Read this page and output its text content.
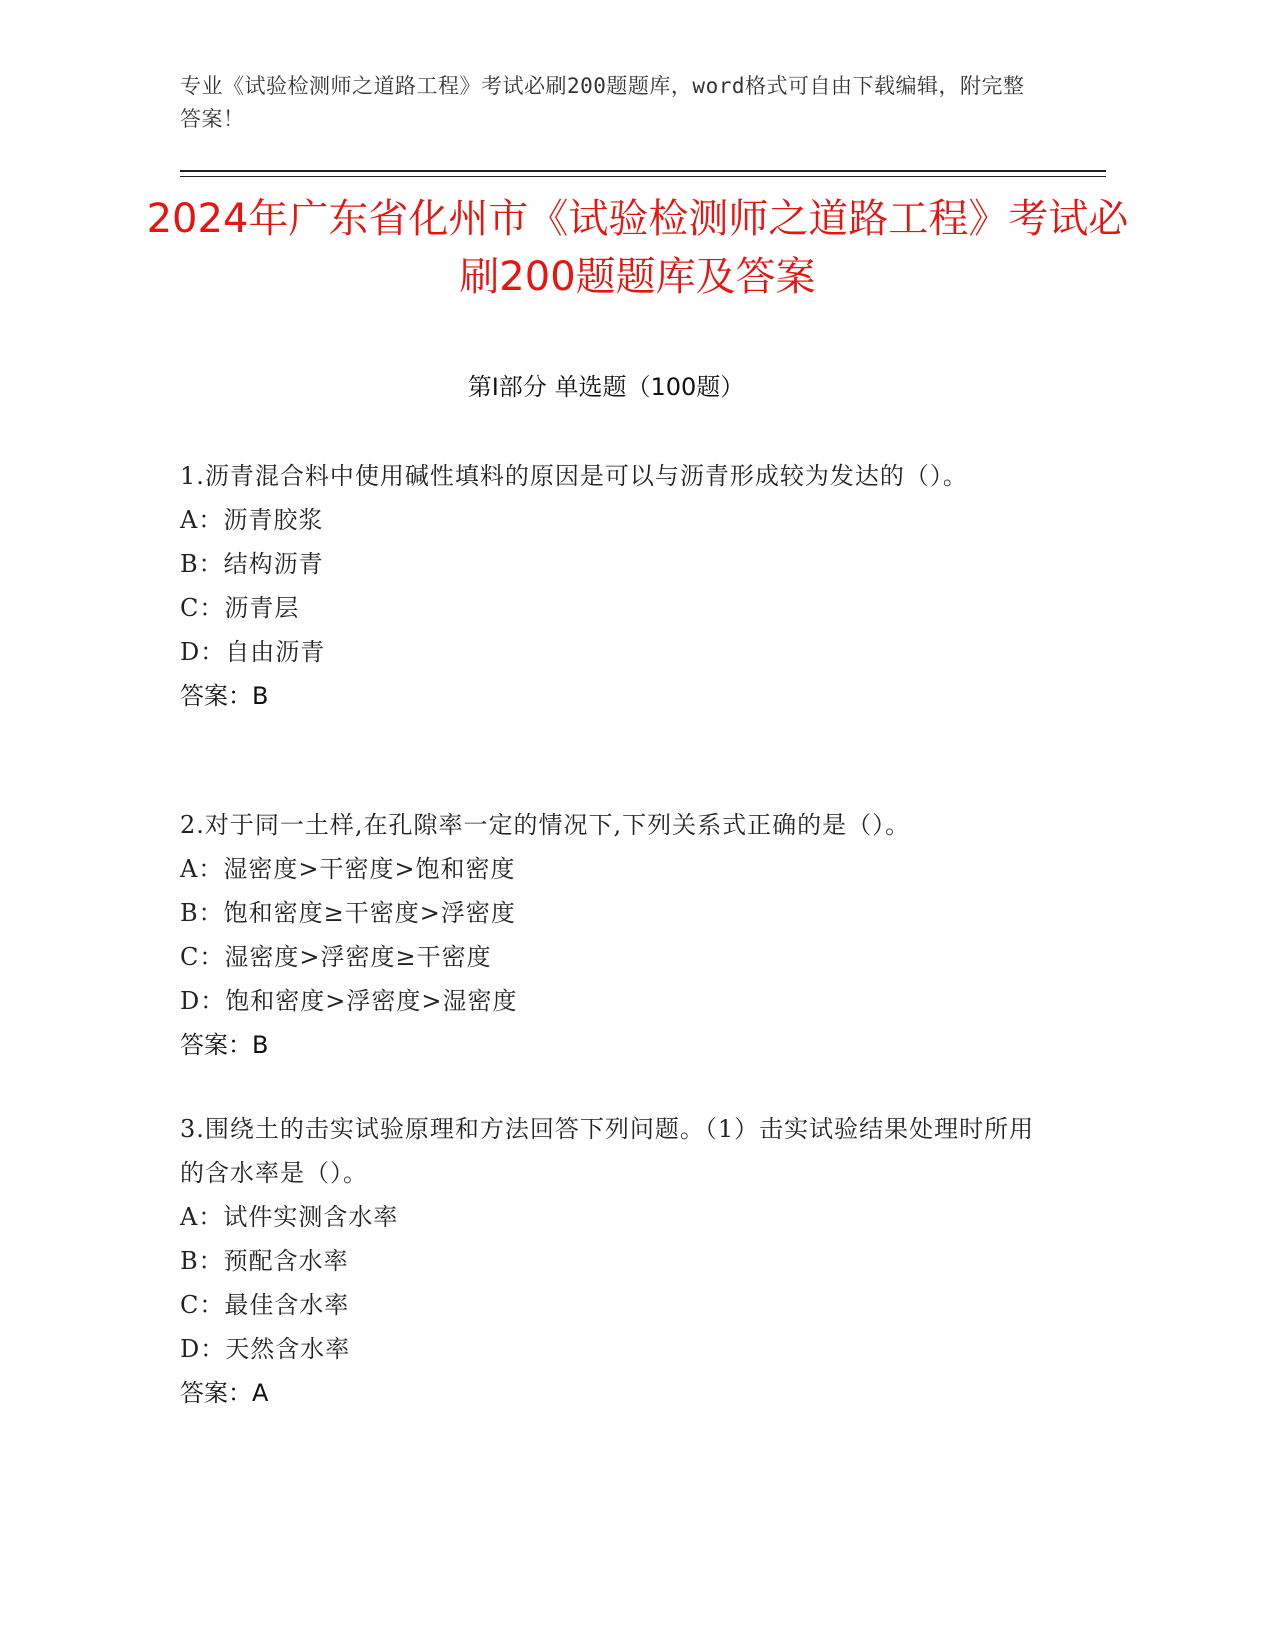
专业《试验检测师之道路工程》考试必刷200题题库，word格式可自由下载编辑，附完整答案！
2024年广东省化州市《试验检测师之道路工程》考试必刷200题题库及答案
第I部分 单选题（100题）
1.沥青混合料中使用碱性填料的原因是可以与沥青形成较为发达的（）。
A：沥青胶浆
B：结构沥青
C：沥青层
D：自由沥青
答案：B
2.对于同一土样,在孔隙率一定的情况下,下列关系式正确的是（）。
A：湿密度>干密度>饱和密度
B：饱和密度≥干密度>浮密度
C：湿密度>浮密度≥干密度
D：饱和密度>浮密度>湿密度
答案：B
3.围绕土的击实试验原理和方法回答下列问题。（1）击实试验结果处理时所用的含水率是（）。
A：试件实测含水率
B：预配含水率
C：最佳含水率
D：天然含水率
答案：A
